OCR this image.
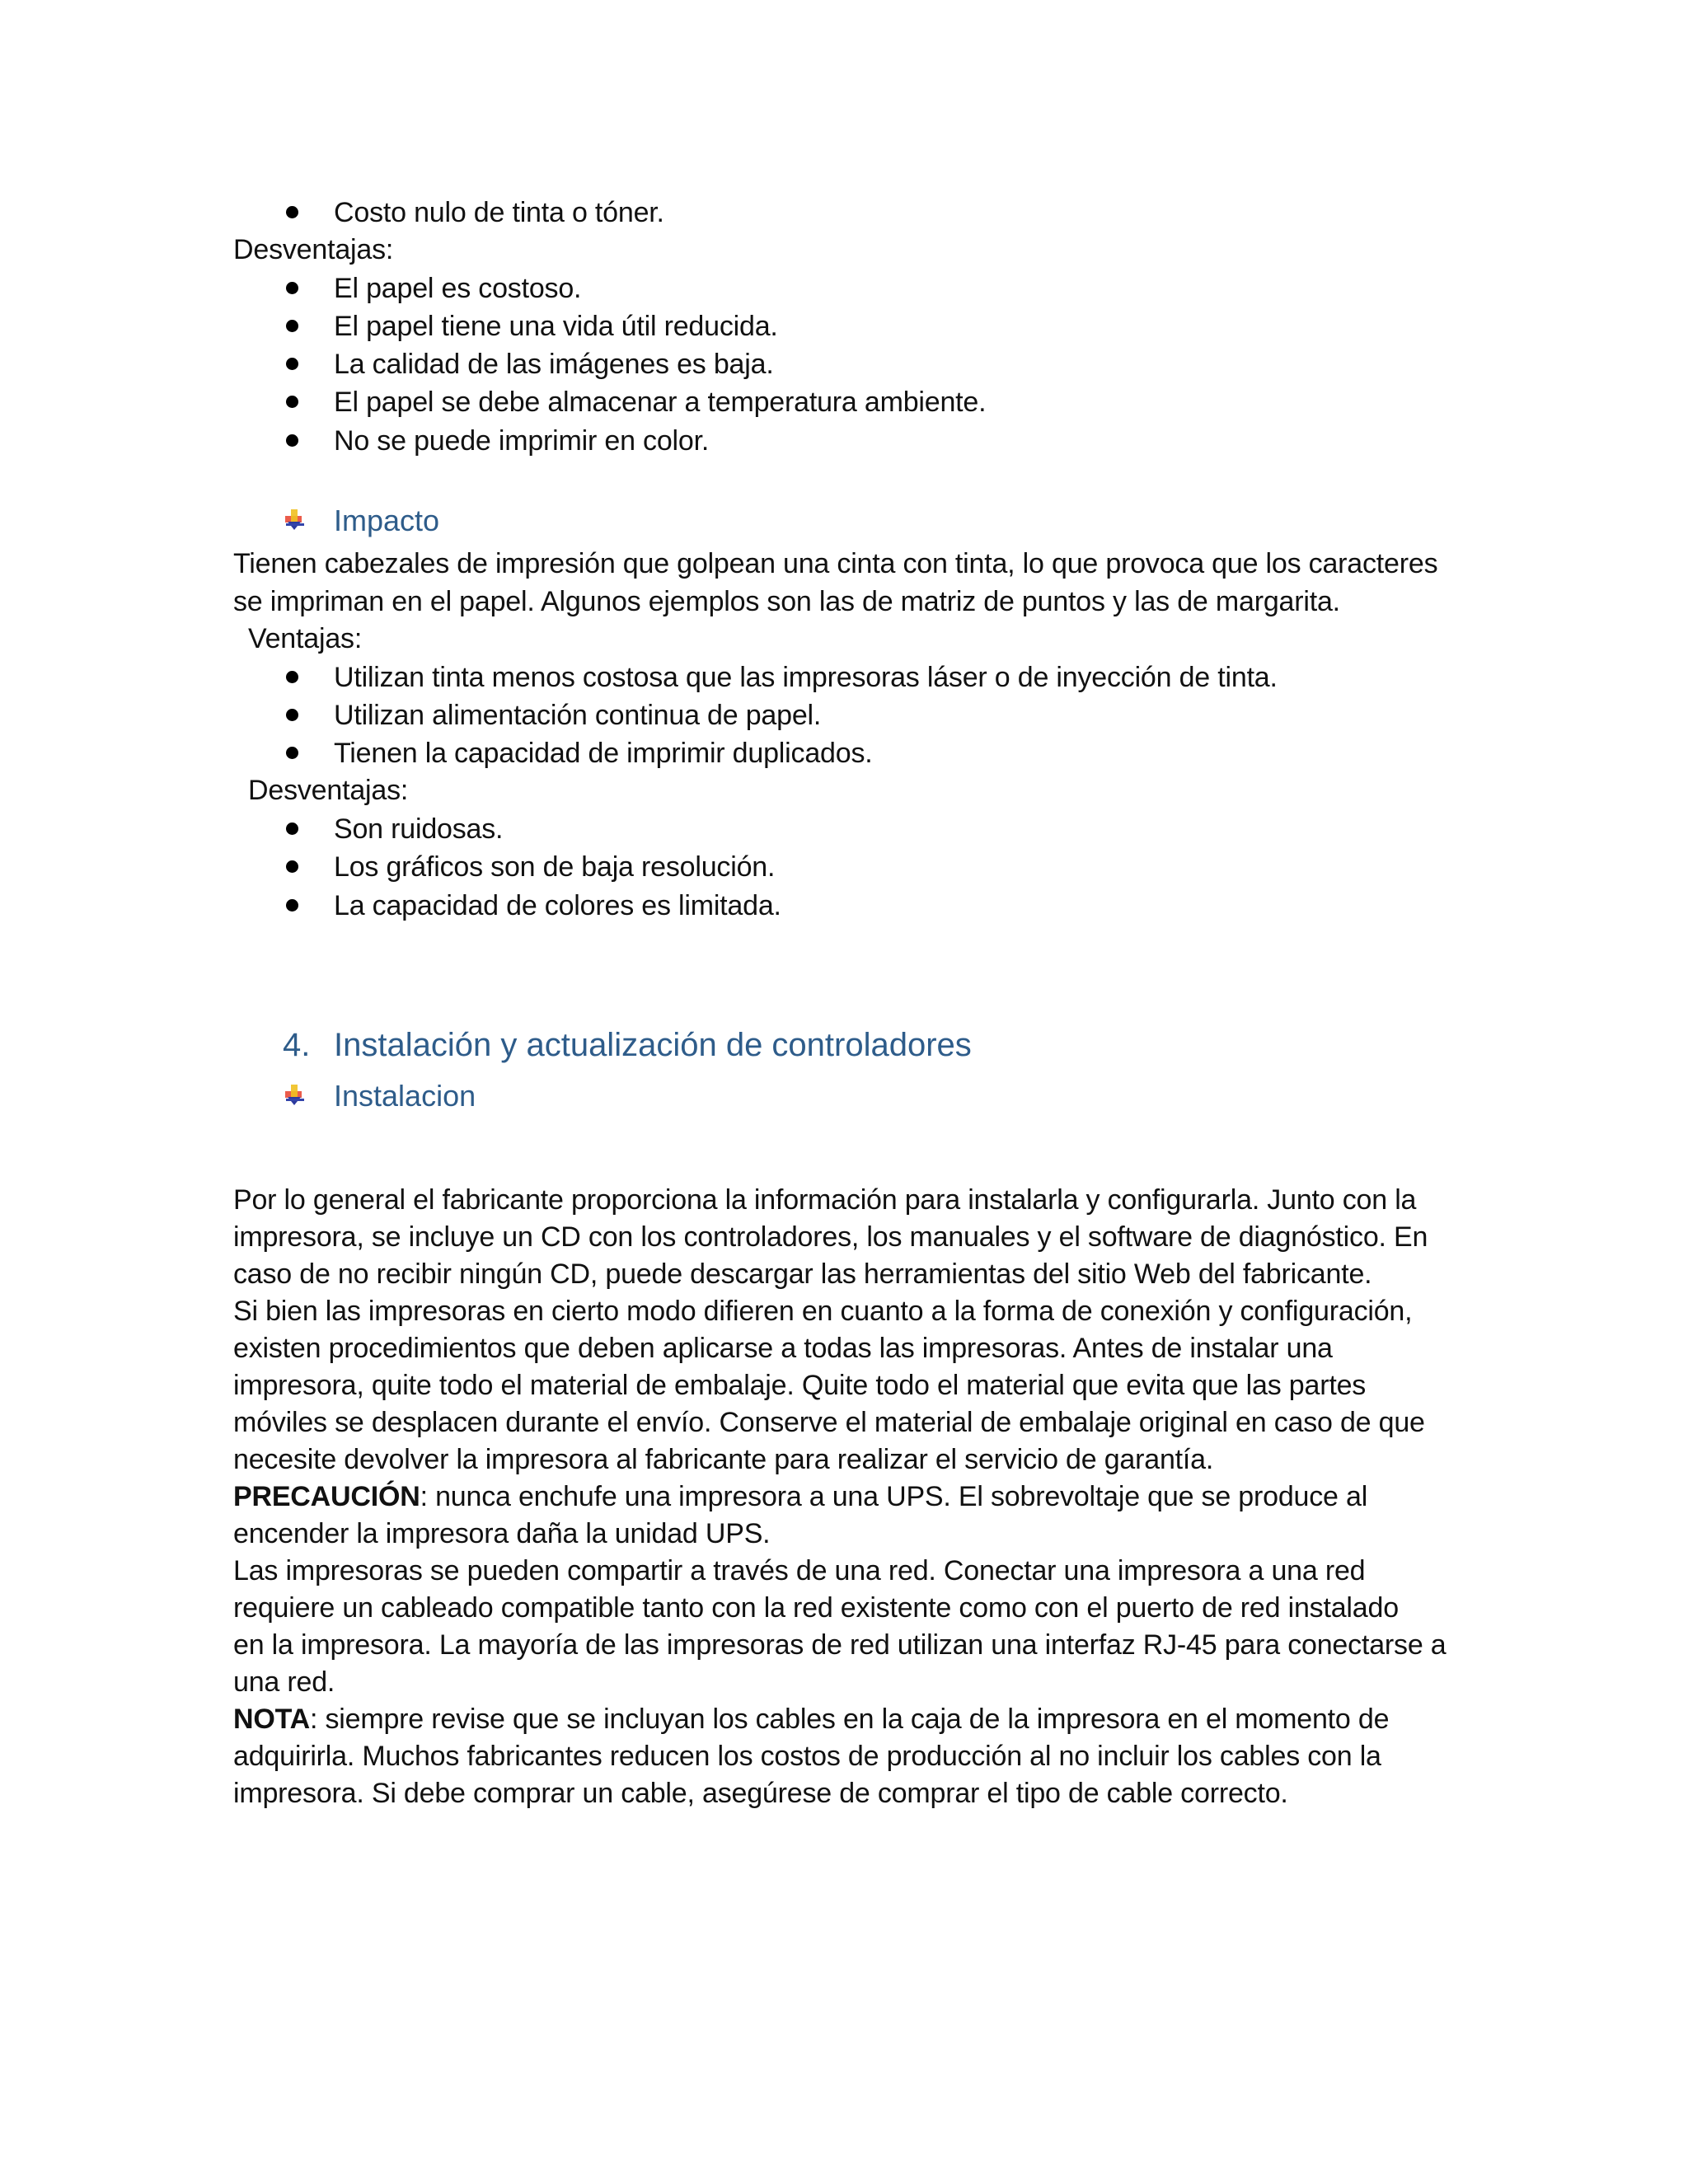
Costo nulo de tinta o tóner.
Desventajas:
El papel es costoso.
El papel tiene una vida útil reducida.
La calidad de las imágenes es baja.
El papel se debe almacenar a temperatura ambiente.
No se puede imprimir en color.
Impacto
Tienen cabezales de impresión que golpean una cinta con tinta, lo que provoca que los caracteres
se impriman en el papel. Algunos ejemplos son las de matriz de puntos y las de margarita.
Ventajas:
Utilizan tinta menos costosa que las impresoras láser o de inyección de tinta.
Utilizan alimentación continua de papel.
Tienen la capacidad de imprimir duplicados.
Desventajas:
Son ruidosas.
Los gráficos son de baja resolución.
La capacidad de colores es limitada.
4. Instalación y actualización de controladores
Instalacion
Por lo general el fabricante proporciona la información para instalarla y configurarla. Junto con la
impresora, se incluye un CD con los controladores, los manuales y el software de diagnóstico. En
caso de no recibir ningún CD, puede descargar las herramientas del sitio Web del fabricante.
Si bien las impresoras en cierto modo difieren en cuanto a la forma de conexión y configuración,
existen procedimientos que deben aplicarse a todas las impresoras. Antes de instalar una
impresora, quite todo el material de embalaje. Quite todo el material que evita que las partes
móviles se desplacen durante el envío. Conserve el material de embalaje original en caso de que
necesite devolver la impresora al fabricante para realizar el servicio de garantía.
PRECAUCIÓN: nunca enchufe una impresora a una UPS. El sobrevoltaje que se produce al
encender la impresora daña la unidad UPS.
Las impresoras se pueden compartir a través de una red. Conectar una impresora a una red
requiere un cableado compatible tanto con la red existente como con el puerto de red instalado
en la impresora. La mayoría de las impresoras de red utilizan una interfaz RJ-45 para conectarse a
una red.
NOTA: siempre revise que se incluyan los cables en la caja de la impresora en el momento de
adquirirla. Muchos fabricantes reducen los costos de producción al no incluir los cables con la
impresora. Si debe comprar un cable, asegúrese de comprar el tipo de cable correcto.
